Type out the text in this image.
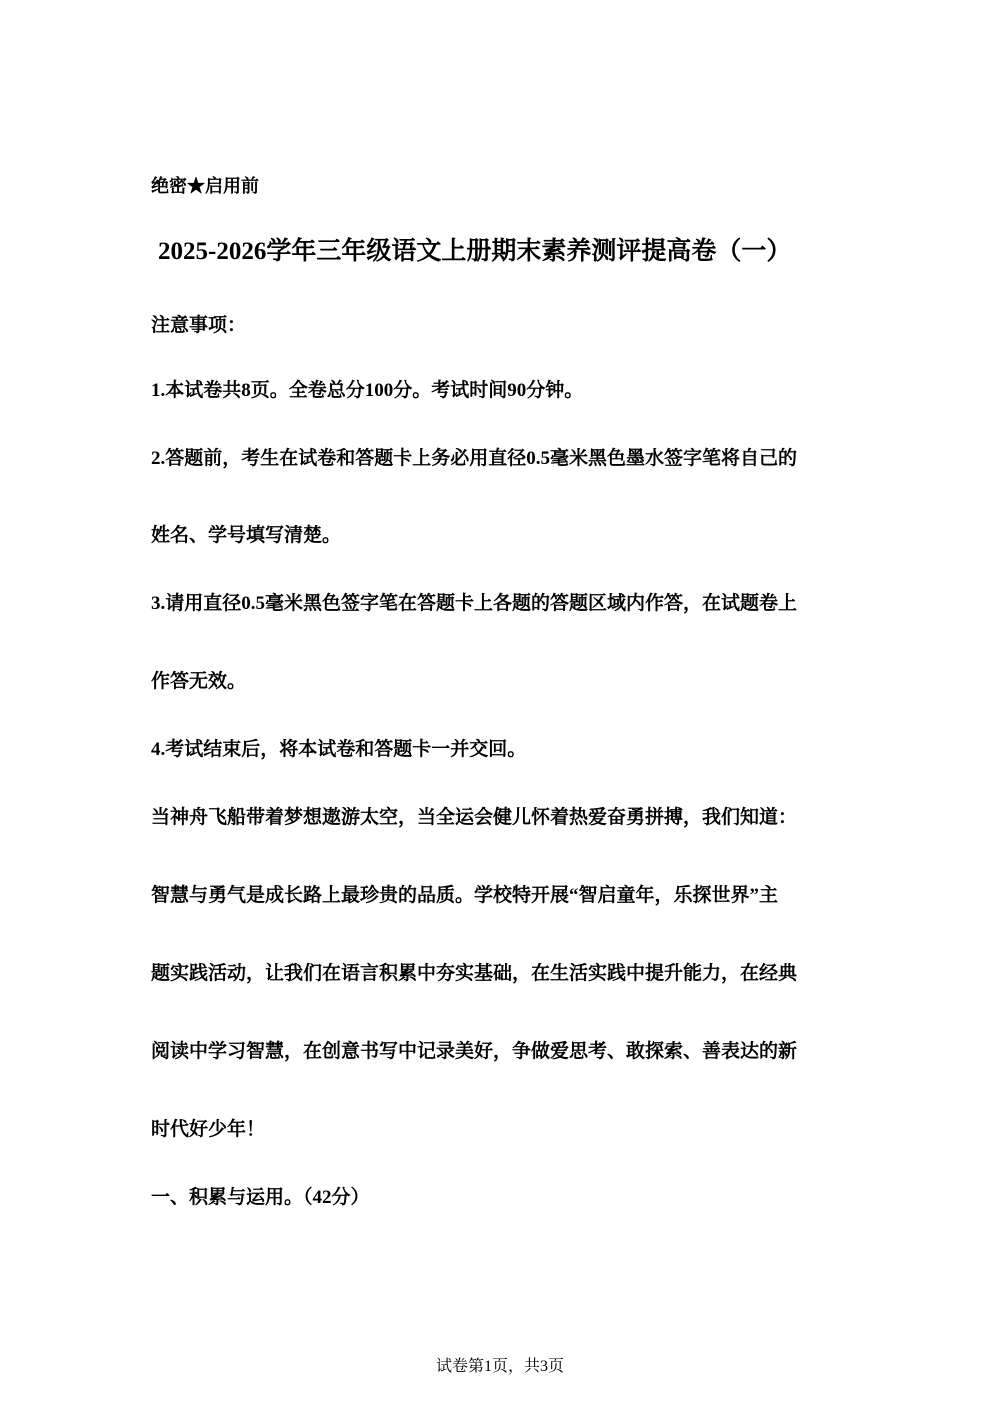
绝密★启用前
2025-2026学年三年级语文上册期末素养测评提高卷（一）
注意事项：
1.本试卷共8页。全卷总分100分。考试时间90分钟。
2.答题前，考生在试卷和答题卡上务必用直径0.5毫米黑色墨水签字笔将自己的
姓名、学号填写清楚。
3.请用直径0.5毫米黑色签字笔在答题卡上各题的答题区域内作答，在试题卷上
作答无效。
4.考试结束后，将本试卷和答题卡一并交回。
当神舟飞船带着梦想遨游太空，当全运会健儿怀着热爱奋勇拼搏，我们知道：
智慧与勇气是成长路上最珍贵的品质。学校特开展“智启童年，乐探世界”主
题实践活动，让我们在语言积累中夯实基础，在生活实践中提升能力，在经典
阅读中学习智慧，在创意书写中记录美好，争做爱思考、敢探索、善表达的新
时代好少年！
一、积累与运用。（42分）
试卷第1页，共3页
